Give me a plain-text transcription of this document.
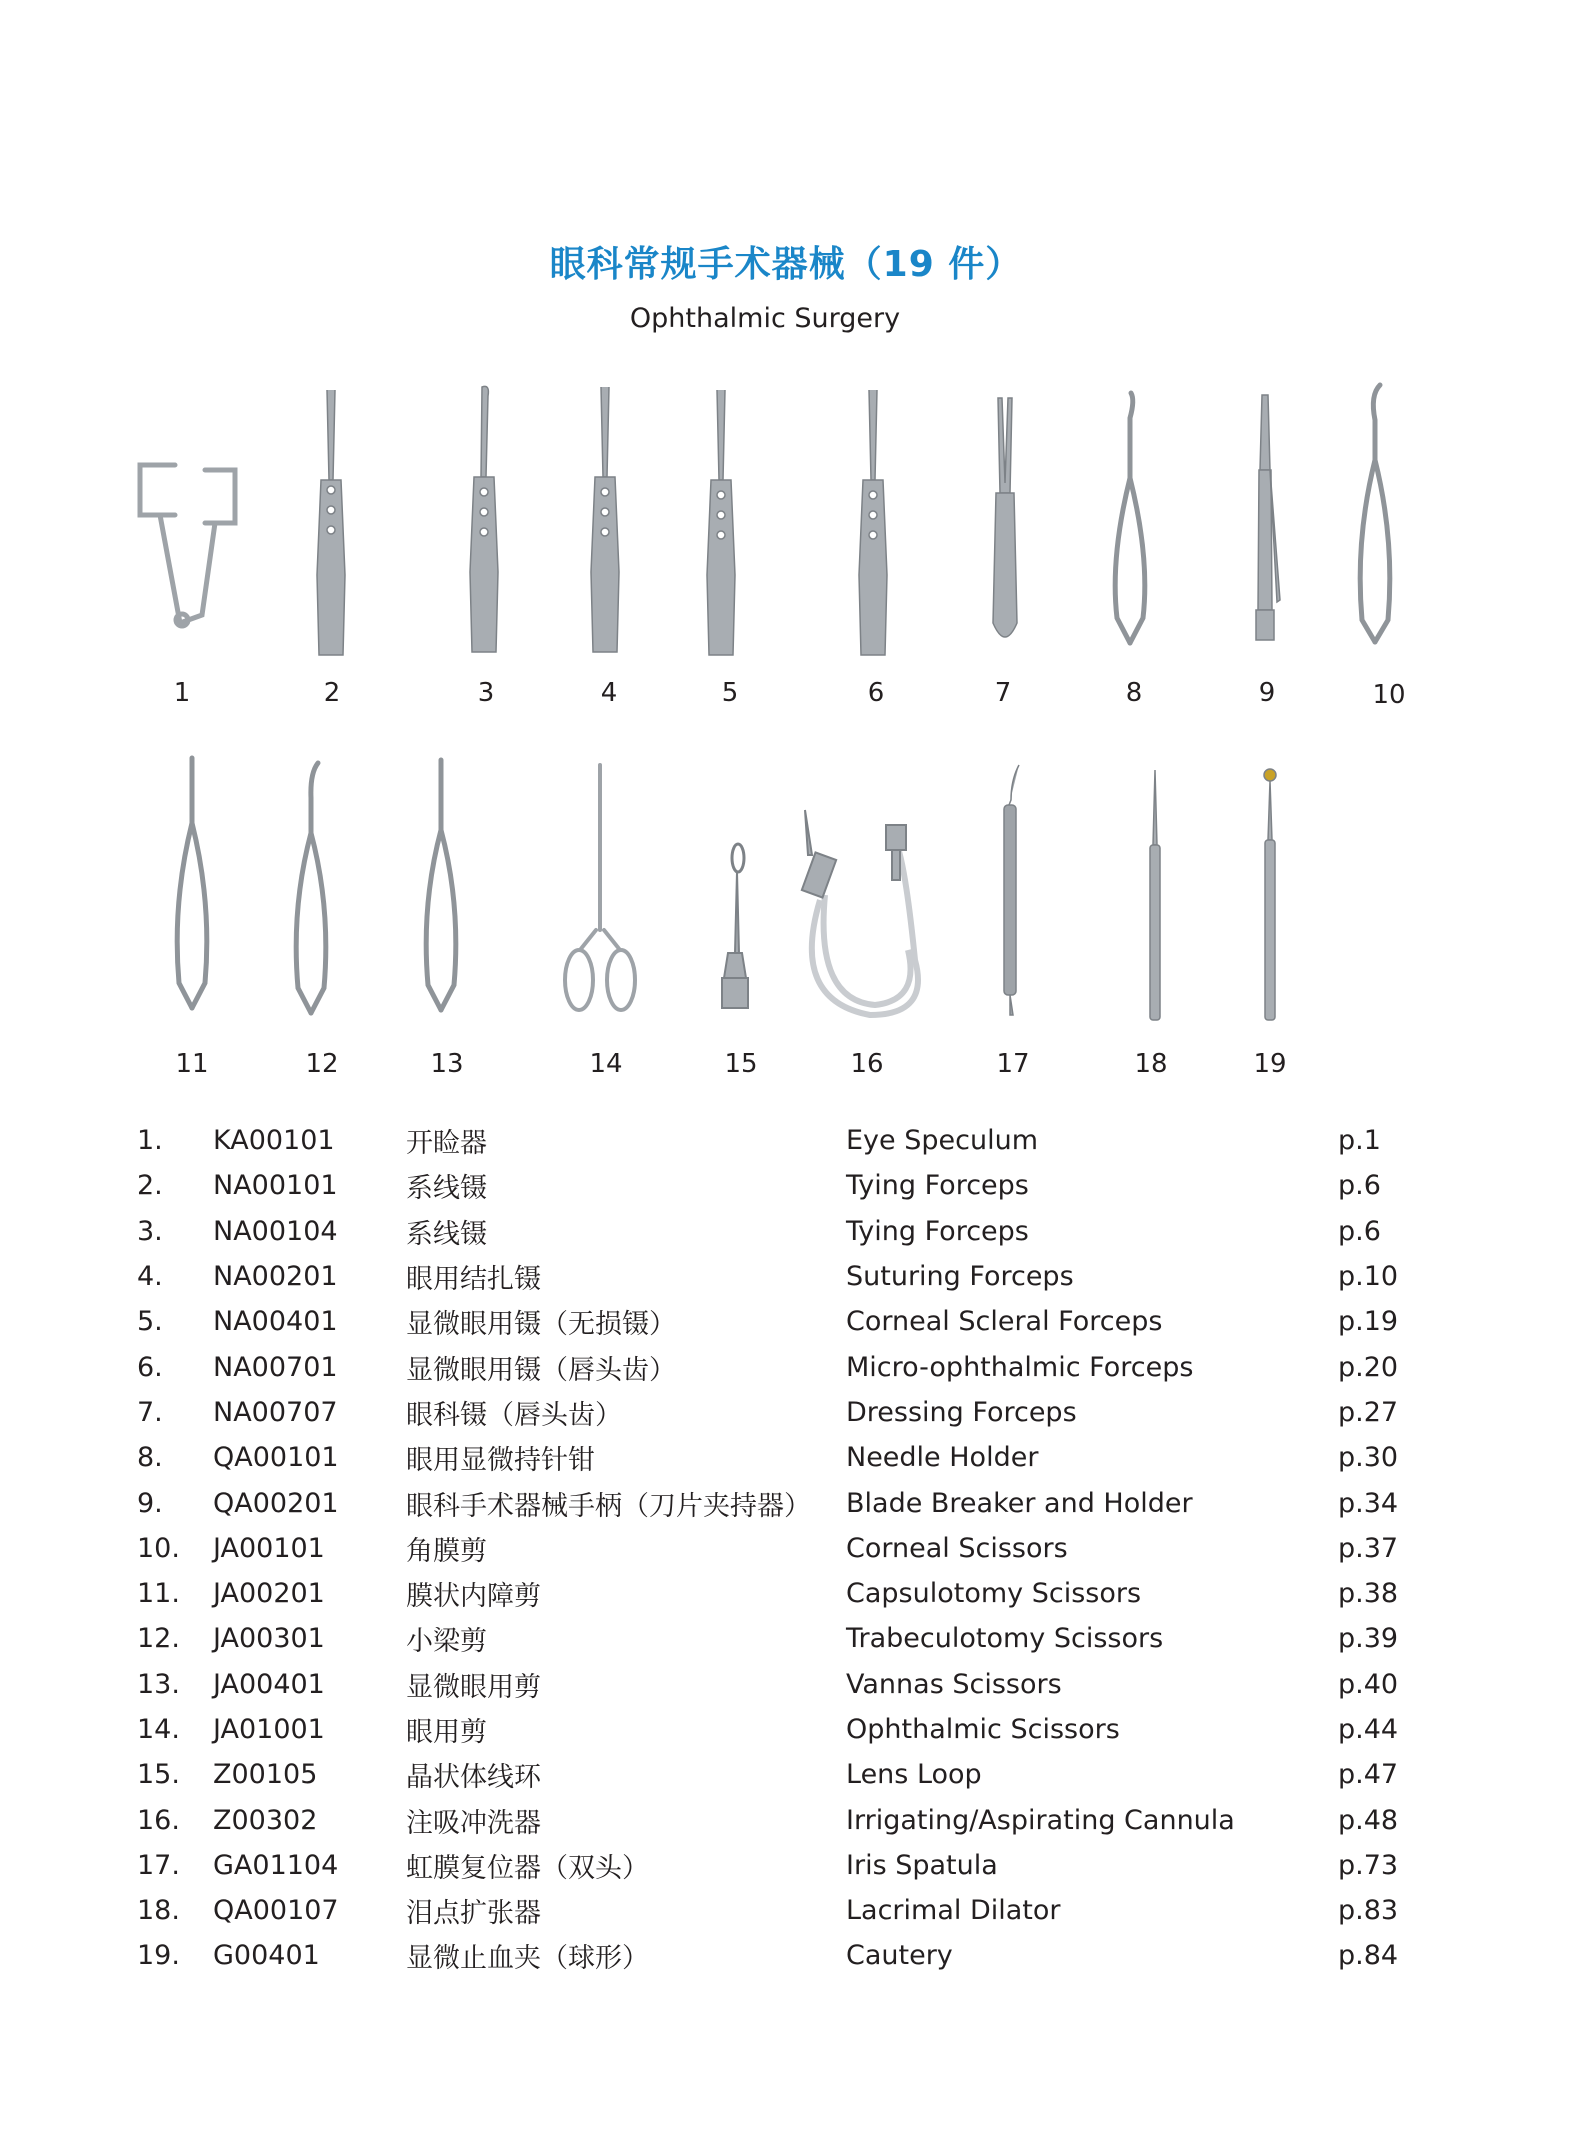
眼科常规手术器械（19 件）
Ophthalmic Surgery
1	2	3	4	5	6	7	8	9	10
11	12	13	14	15	16	17	18	19
1.	KA00101	开睑器	Eye Speculum	p.1
2.	NA00101	系线镊	Tying Forceps	p.6
3.	NA00104	系线镊	Tying Forceps	p.6
4.	NA00201	眼用结扎镊	Suturing Forceps	p.10
5.	NA00401	显微眼用镊（无损镊）	Corneal Scleral Forceps	p.19
6.	NA00701	显微眼用镊（唇头齿）	Micro-ophthalmic Forceps	p.20
7.	NA00707	眼科镊（唇头齿）	Dressing Forceps	p.27
8.	QA00101	眼用显微持针钳	Needle Holder	p.30
9.	QA00201	眼科手术器械手柄（刀片夹持器）	Blade Breaker and Holder	p.34
10.	JA00101	角膜剪	Corneal Scissors	p.37
11.	JA00201	膜状内障剪	Capsulotomy Scissors	p.38
12.	JA00301	小梁剪	Trabeculotomy Scissors	p.39
13.	JA00401	显微眼用剪	Vannas Scissors	p.40
14.	JA01001	眼用剪	Ophthalmic Scissors	p.44
15.	Z00105	晶状体线环	Lens Loop	p.47
16.	Z00302	注吸冲洗器	Irrigating/Aspirating Cannula	p.48
17.	GA01104	虹膜复位器（双头）	Iris Spatula	p.73
18.	QA00107	泪点扩张器	Lacrimal Dilator	p.83
19.	G00401	显微止血夹（球形）	Cautery	p.84
